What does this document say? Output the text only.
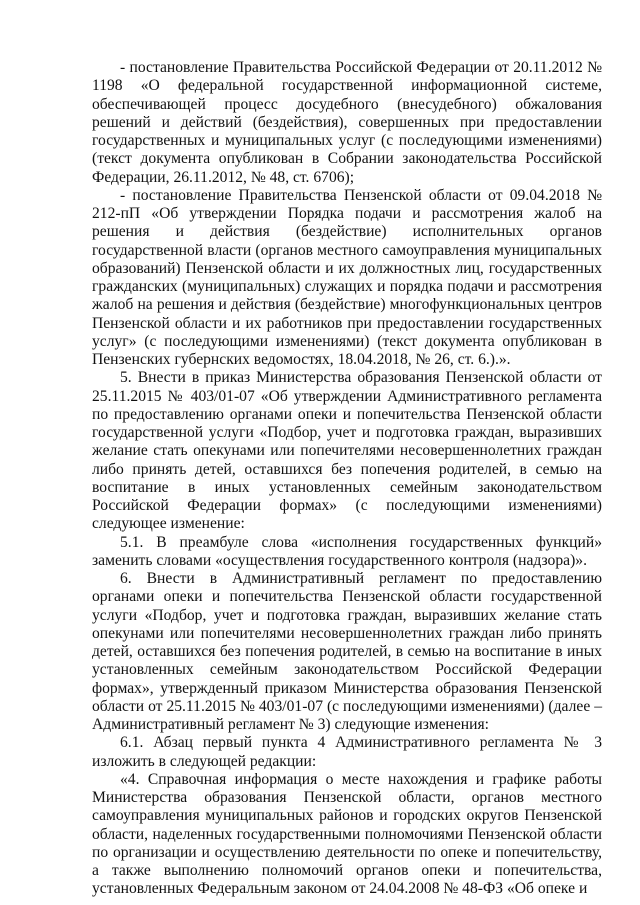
- постановление Правительства Российской Федерации от 20.11.2012 № 1198 «О федеральной государственной информационной системе, обеспечивающей процесс досудебного (внесудебного) обжалования решений и действий (бездействия), совершенных при предоставлении государственных и муниципальных услуг (с последующими изменениями) (текст документа опубликован в Собрании законодательства Российской Федерации, 26.11.2012, № 48, ст. 6706);

- постановление Правительства Пензенской области от 09.04.2018 № 212-пП «Об утверждении Порядка подачи и рассмотрения жалоб на решения и действия (бездействие) исполнительных органов государственной власти (органов местного самоуправления муниципальных образований) Пензенской области и их должностных лиц, государственных гражданских (муниципальных) служащих и порядка подачи и рассмотрения жалоб на решения и действия (бездействие) многофункциональных центров Пензенской области и их работников при предоставлении государственных услуг» (с последующими изменениями) (текст документа опубликован в Пензенских губернских ведомостях, 18.04.2018, № 26, ст. 6.).».

5. Внести в приказ Министерства образования Пензенской области от 25.11.2015 № 403/01-07 «Об утверждении Административного регламента по предоставлению органами опеки и попечительства Пензенской области государственной услуги «Подбор, учет и подготовка граждан, выразивших желание стать опекунами или попечителями несовершеннолетних граждан либо принять детей, оставшихся без попечения родителей, в семью на воспитание в иных установленных семейным законодательством Российской Федерации формах» (с последующими изменениями) следующее изменение:

5.1. В преамбуле слова «исполнения государственных функций» заменить словами «осуществления государственного контроля (надзора)».

6. Внести в Административный регламент по предоставлению органами опеки и попечительства Пензенской области государственной услуги «Подбор, учет и подготовка граждан, выразивших желание стать опекунами или попечителями несовершеннолетних граждан либо принять детей, оставшихся без попечения родителей, в семью на воспитание в иных установленных семейным законодательством Российской Федерации формах», утвержденный приказом Министерства образования Пензенской области от 25.11.2015 № 403/01-07 (с последующими изменениями) (далее – Административный регламент № 3) следующие изменения:

6.1. Абзац первый пункта 4 Административного регламента № 3 изложить в следующей редакции:

«4. Справочная информация о месте нахождения и графике работы Министерства образования Пензенской области, органов местного самоуправления муниципальных районов и городских округов Пензенской области, наделенных государственными полномочиями Пензенской области по организации и осуществлению деятельности по опеке и попечительству, а также выполнению полномочий органов опеки и попечительства, установленных Федеральным законом от 24.04.2008 № 48-ФЗ «Об опеке и
